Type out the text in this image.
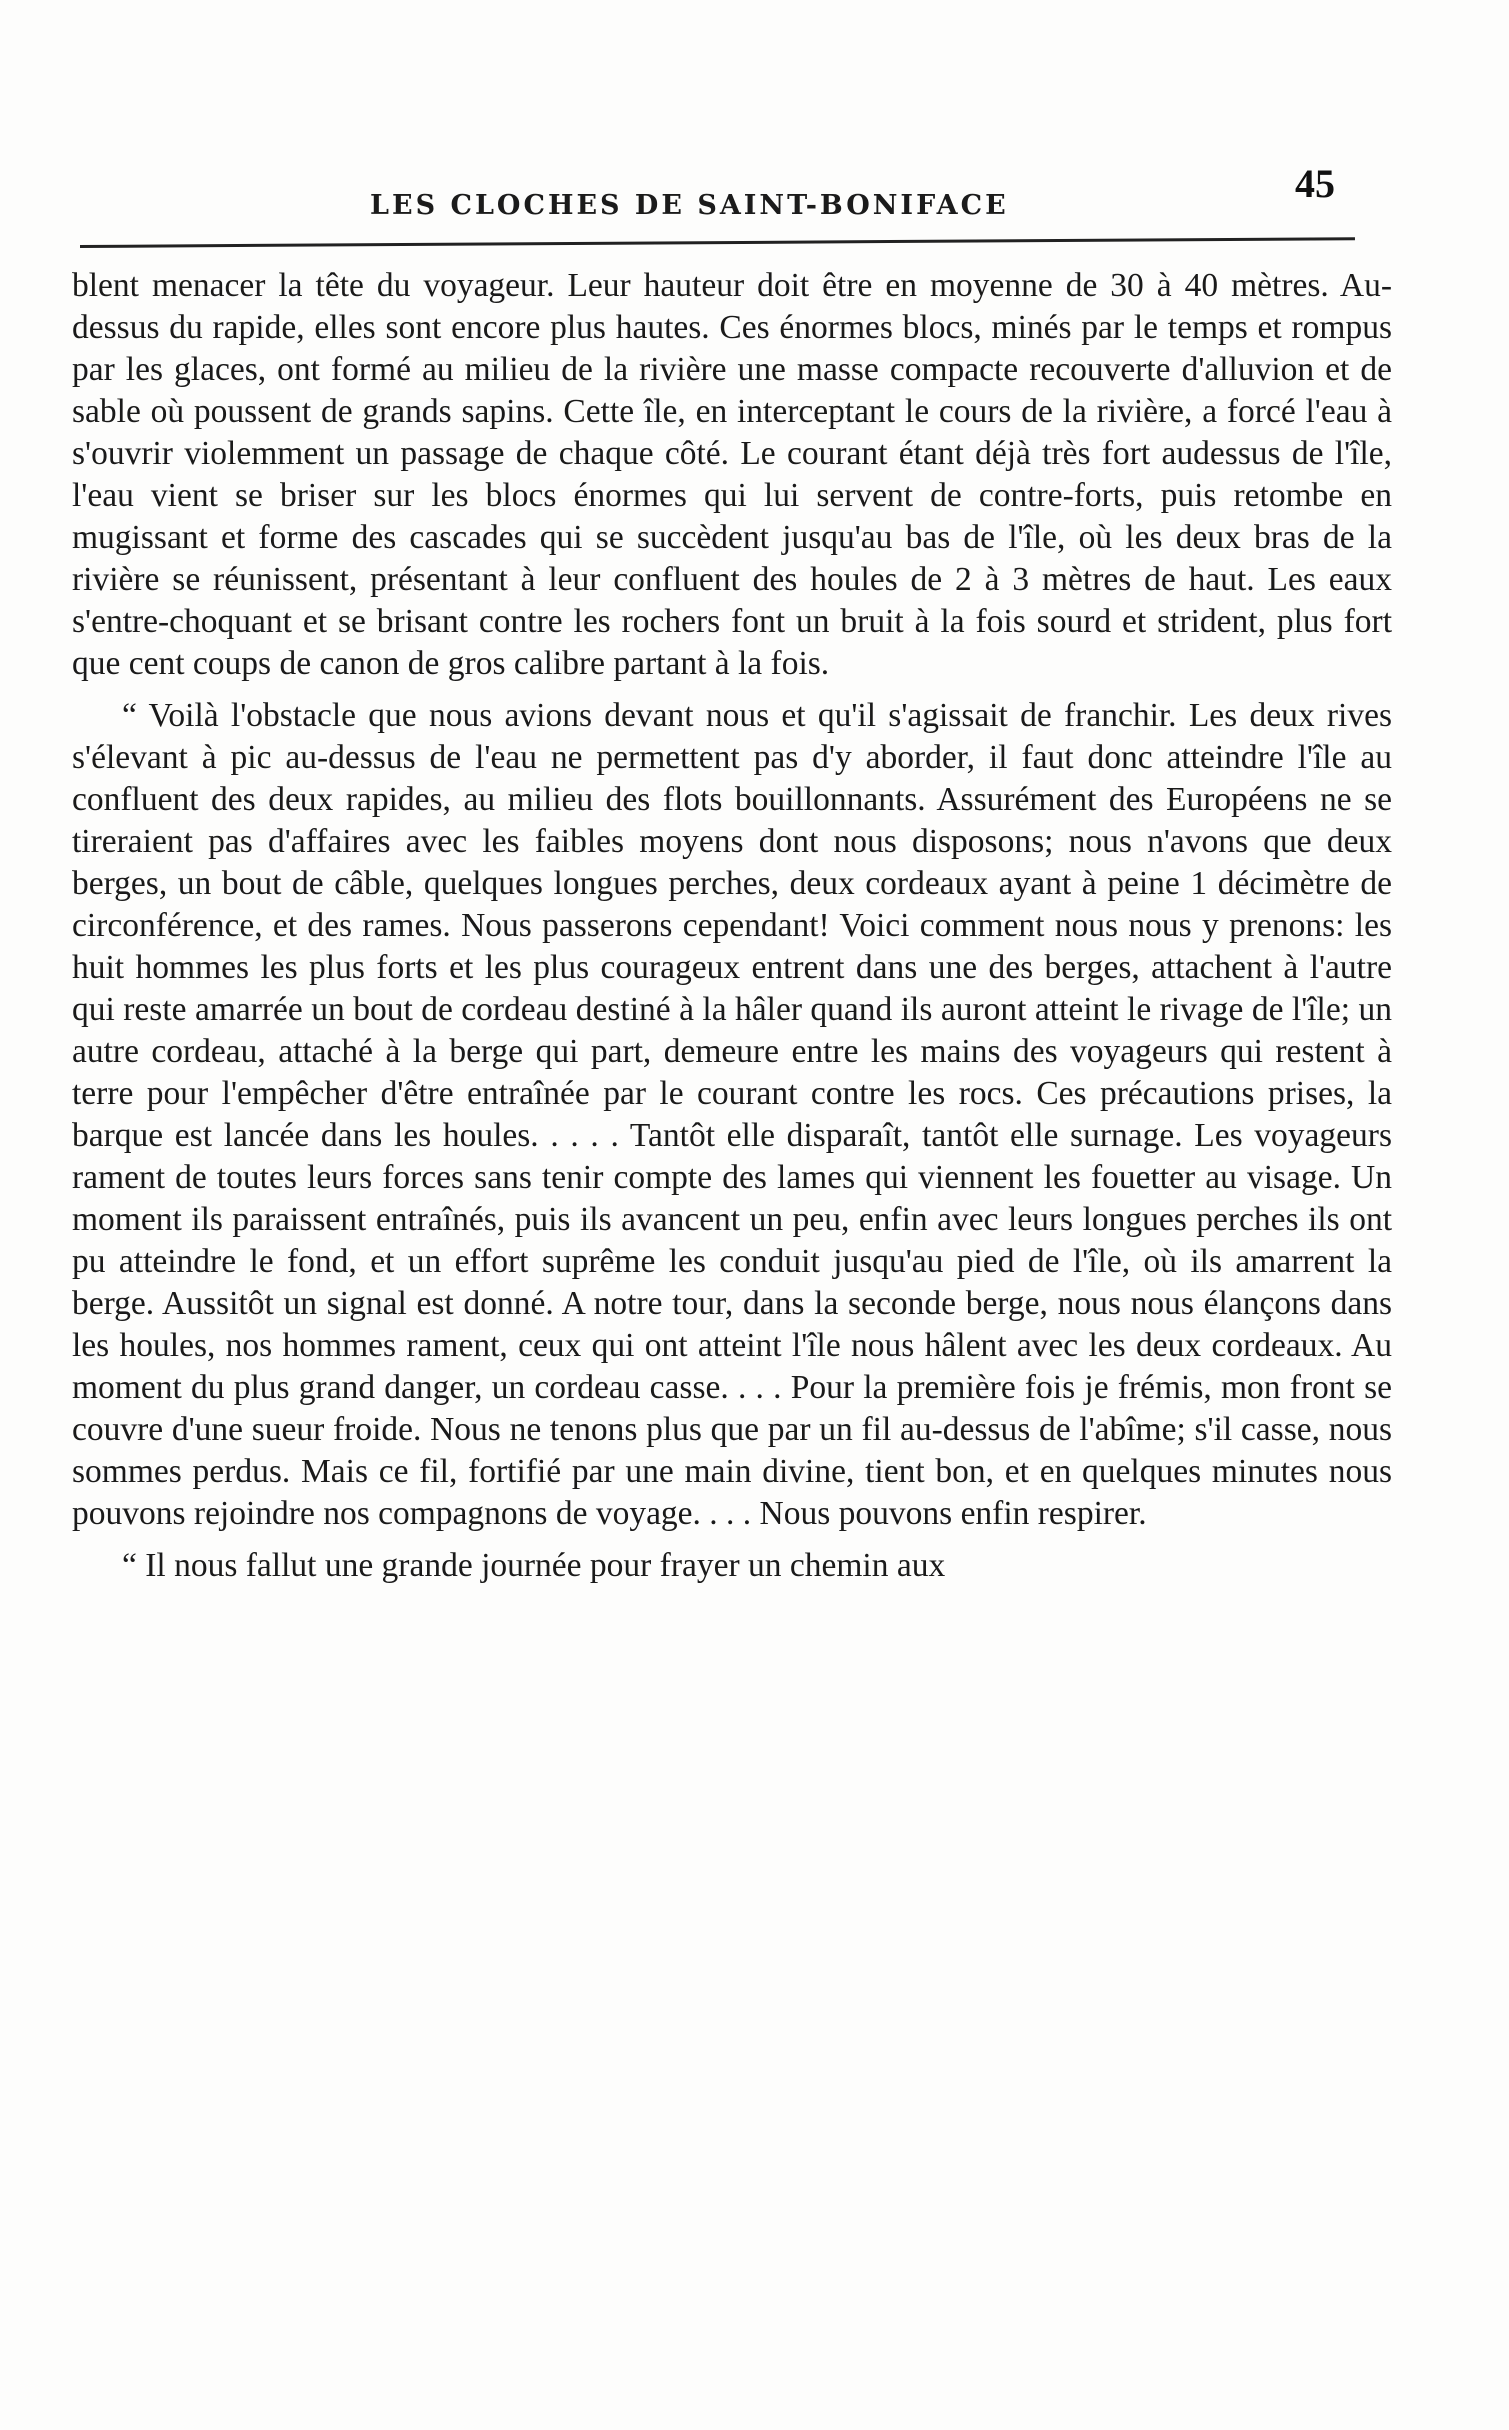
LES CLOCHES DE SAINT-BONIFACE	45

blent menacer la tête du voyageur. Leur hauteur doit être en moyenne de 30 à 40 mètres. Au-dessus du rapide, elles sont encore plus hautes. Ces énormes blocs, minés par le temps et rompus par les glaces, ont formé au milieu de la rivière une masse compacte recouverte d'alluvion et de sable où poussent de grands sapins. Cette île, en interceptant le cours de la rivière, a forcé l'eau à s'ouvrir violemment un passage de chaque côté. Le courant étant déjà très fort audessus de l'île, l'eau vient se briser sur les blocs énormes qui lui servent de contre-forts, puis retombe en mugissant et forme des cascades qui se succèdent jusqu'au bas de l'île, où les deux bras de la rivière se réunissent, présentant à leur confluent des houles de 2 à 3 mètres de haut. Les eaux s'entre-choquant et se brisant contre les rochers font un bruit à la fois sourd et strident, plus fort que cent coups de canon de gros calibre partant à la fois.

“ Voilà l'obstacle que nous avions devant nous et qu'il s'agissait de franchir. Les deux rives s'élevant à pic au-dessus de l'eau ne permettent pas d'y aborder, il faut donc atteindre l'île au confluent des deux rapides, au milieu des flots bouillonnants. Assurément des Européens ne se tireraient pas d'affaires avec les faibles moyens dont nous disposons; nous n'avons que deux berges, un bout de câble, quelques longues perches, deux cordeaux ayant à peine 1 décimètre de circonférence, et des rames. Nous passerons cependant! Voici comment nous nous y prenons: les huit hommes les plus forts et les plus courageux entrent dans une des berges, attachent à l'autre qui reste amarrée un bout de cordeau destiné à la hâler quand ils auront atteint le rivage de l'île; un autre cordeau, attaché à la berge qui part, demeure entre les mains des voyageurs qui restent à terre pour l'empêcher d'être entraînée par le courant contre les rocs. Ces précautions prises, la barque est lancée dans les houles. . . . . Tantôt elle disparaît, tantôt elle surnage. Les voyageurs rament de toutes leurs forces sans tenir compte des lames qui viennent les fouetter au visage. Un moment ils paraissent entraînés, puis ils avancent un peu, enfin avec leurs longues perches ils ont pu atteindre le fond, et un effort suprême les conduit jusqu'au pied de l'île, où ils amarrent la berge. Aussitôt un signal est donné. A notre tour, dans la seconde berge, nous nous élançons dans les houles, nos hommes rament, ceux qui ont atteint l'île nous hâlent avec les deux cordeaux. Au moment du plus grand danger, un cordeau casse. . . . Pour la première fois je frémis, mon front se couvre d'une sueur froide. Nous ne tenons plus que par un fil au-dessus de l'abîme; s'il casse, nous sommes perdus. Mais ce fil, fortifié par une main divine, tient bon, et en quelques minutes nous pouvons rejoindre nos compagnons de voyage. . . . Nous pouvons enfin respirer.

“ Il nous fallut une grande journée pour frayer un chemin aux
